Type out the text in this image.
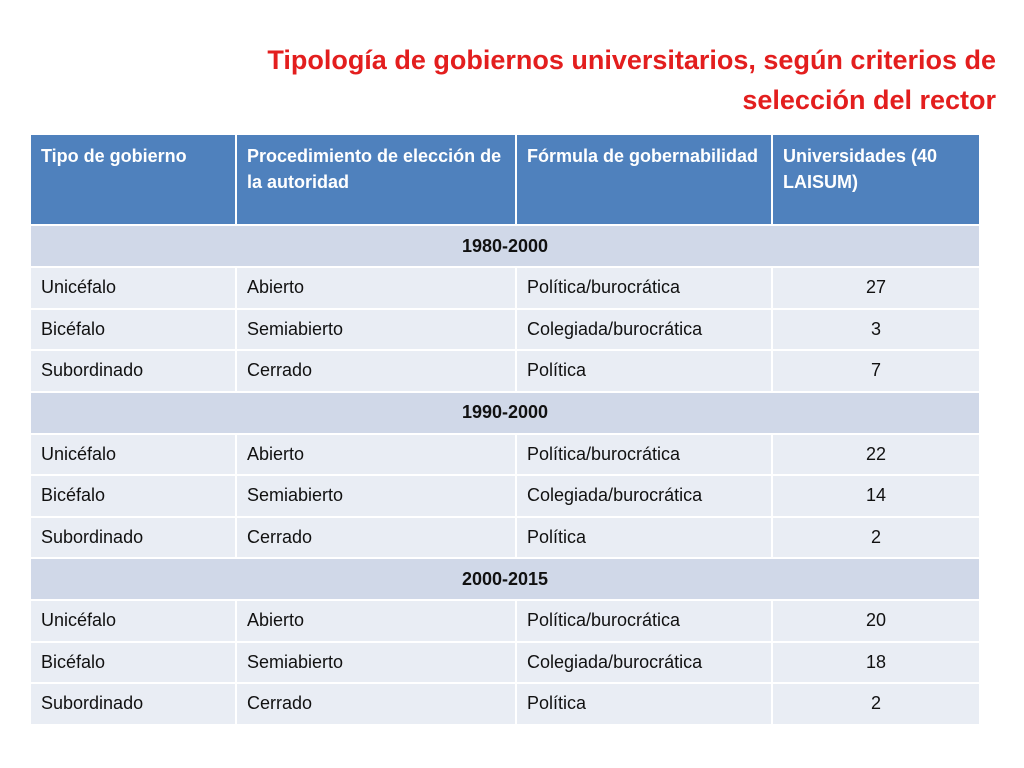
Tipología de gobiernos universitarios, según criterios de
selección del rector
Tipo de gobierno	Procedimiento de elección de la autoridad	Fórmula de gobernabilidad	Universidades (40 LAISUM)
1980-2000			
Unicéfalo	Abierto	Política/burocrática	27
Bicéfalo	Semiabierto	Colegiada/burocrática	3
Subordinado	Cerrado	Política	7
1990-2000			
Unicéfalo	Abierto	Política/burocrática	22
Bicéfalo	Semiabierto	Colegiada/burocrática	14
Subordinado	Cerrado	Política	2
2000-2015			
Unicéfalo	Abierto	Política/burocrática	20
Bicéfalo	Semiabierto	Colegiada/burocrática	18
Subordinado	Cerrado	Política	2
